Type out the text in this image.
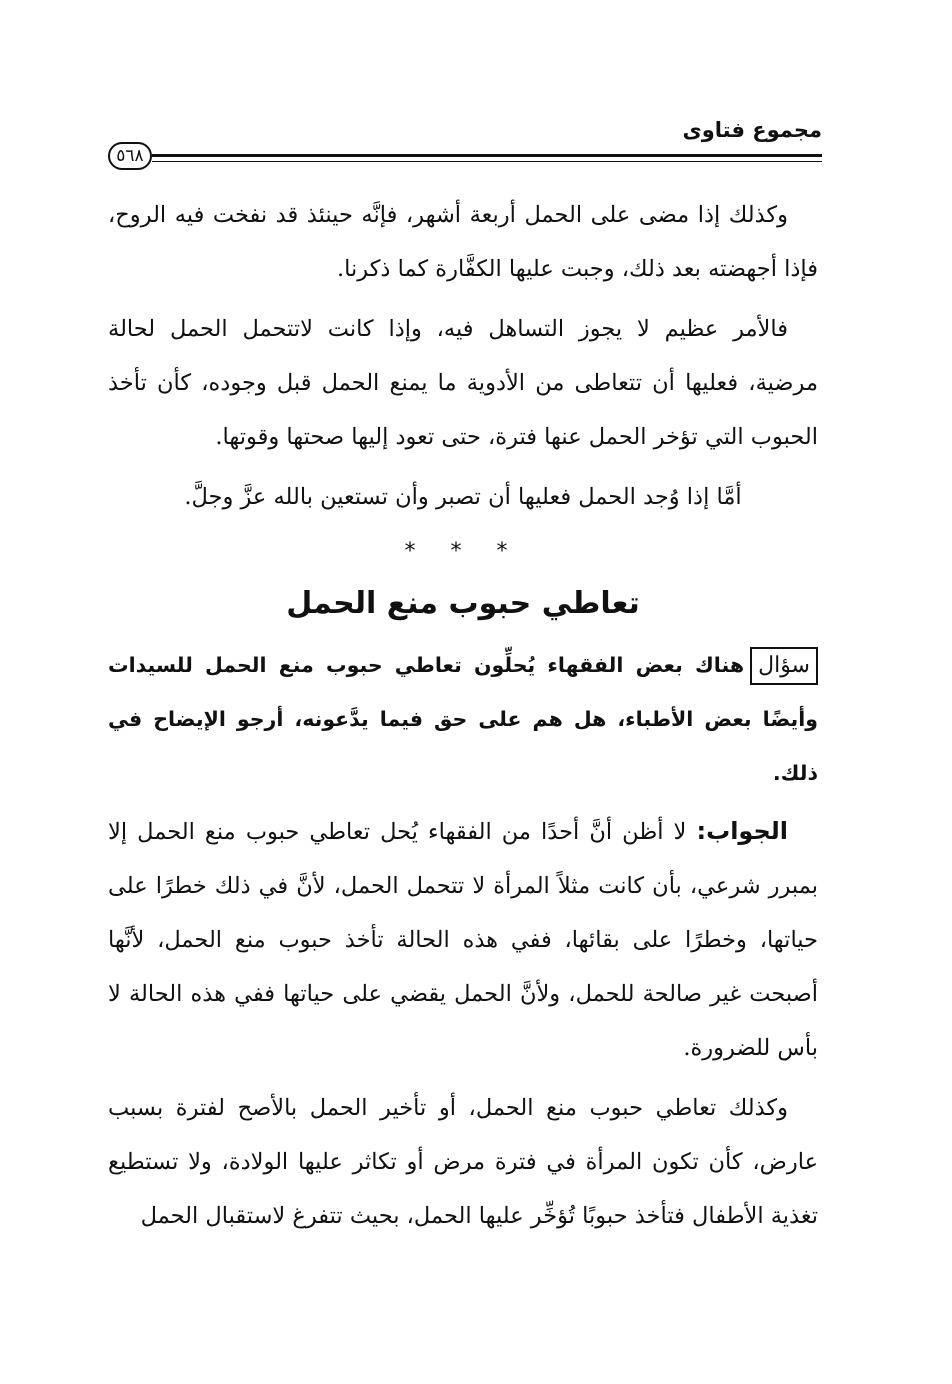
مجموع فتاوى
٥٦٨

وكذلك إذا مضى على الحمل أربعة أشهر، فإنَّه حينئذ قد نفخت فيه الروح، فإذا أجهضته بعد ذلك، وجبت عليها الكفَّارة كما ذكرنا.

فالأمر عظيم لا يجوز التساهل فيه، وإذا كانت لاتتحمل الحمل لحالة مرضية، فعليها أن تتعاطى من الأدوية ما يمنع الحمل قبل وجوده، كأن تأخذ الحبوب التي تؤخر الحمل عنها فترة، حتى تعود إليها صحتها وقوتها.

أمَّا إذا وُجد الحمل فعليها أن تصبر وأن تستعين بالله عزَّ وجلَّ.

* * *

تعاطي حبوب منع الحمل

سؤالهناك بعض الفقهاء يُحلِّون تعاطي حبوب منع الحمل للسيدات وأيضًا بعض الأطباء، هل هم على حق فيما يدَّعونه، أرجو الإيضاح في ذلك.

الجواب: لا أظن أنَّ أحدًا من الفقهاء يُحل تعاطي حبوب منع الحمل إلا بمبرر شرعي، بأن كانت مثلاً المرأة لا تتحمل الحمل، لأنَّ في ذلك خطرًا على حياتها، وخطرًا على بقائها، ففي هذه الحالة تأخذ حبوب منع الحمل، لأنَّها أصبحت غير صالحة للحمل، ولأنَّ الحمل يقضي على حياتها ففي هذه الحالة لا بأس للضرورة.

وكذلك تعاطي حبوب منع الحمل، أو تأخير الحمل بالأصح لفترة بسبب عارض، كأن تكون المرأة في فترة مرض أو تكاثر عليها الولادة، ولا تستطيع تغذية الأطفال فتأخذ حبوبًا تُؤخِّر عليها الحمل، بحيث تتفرغ لاستقبال الحمل
